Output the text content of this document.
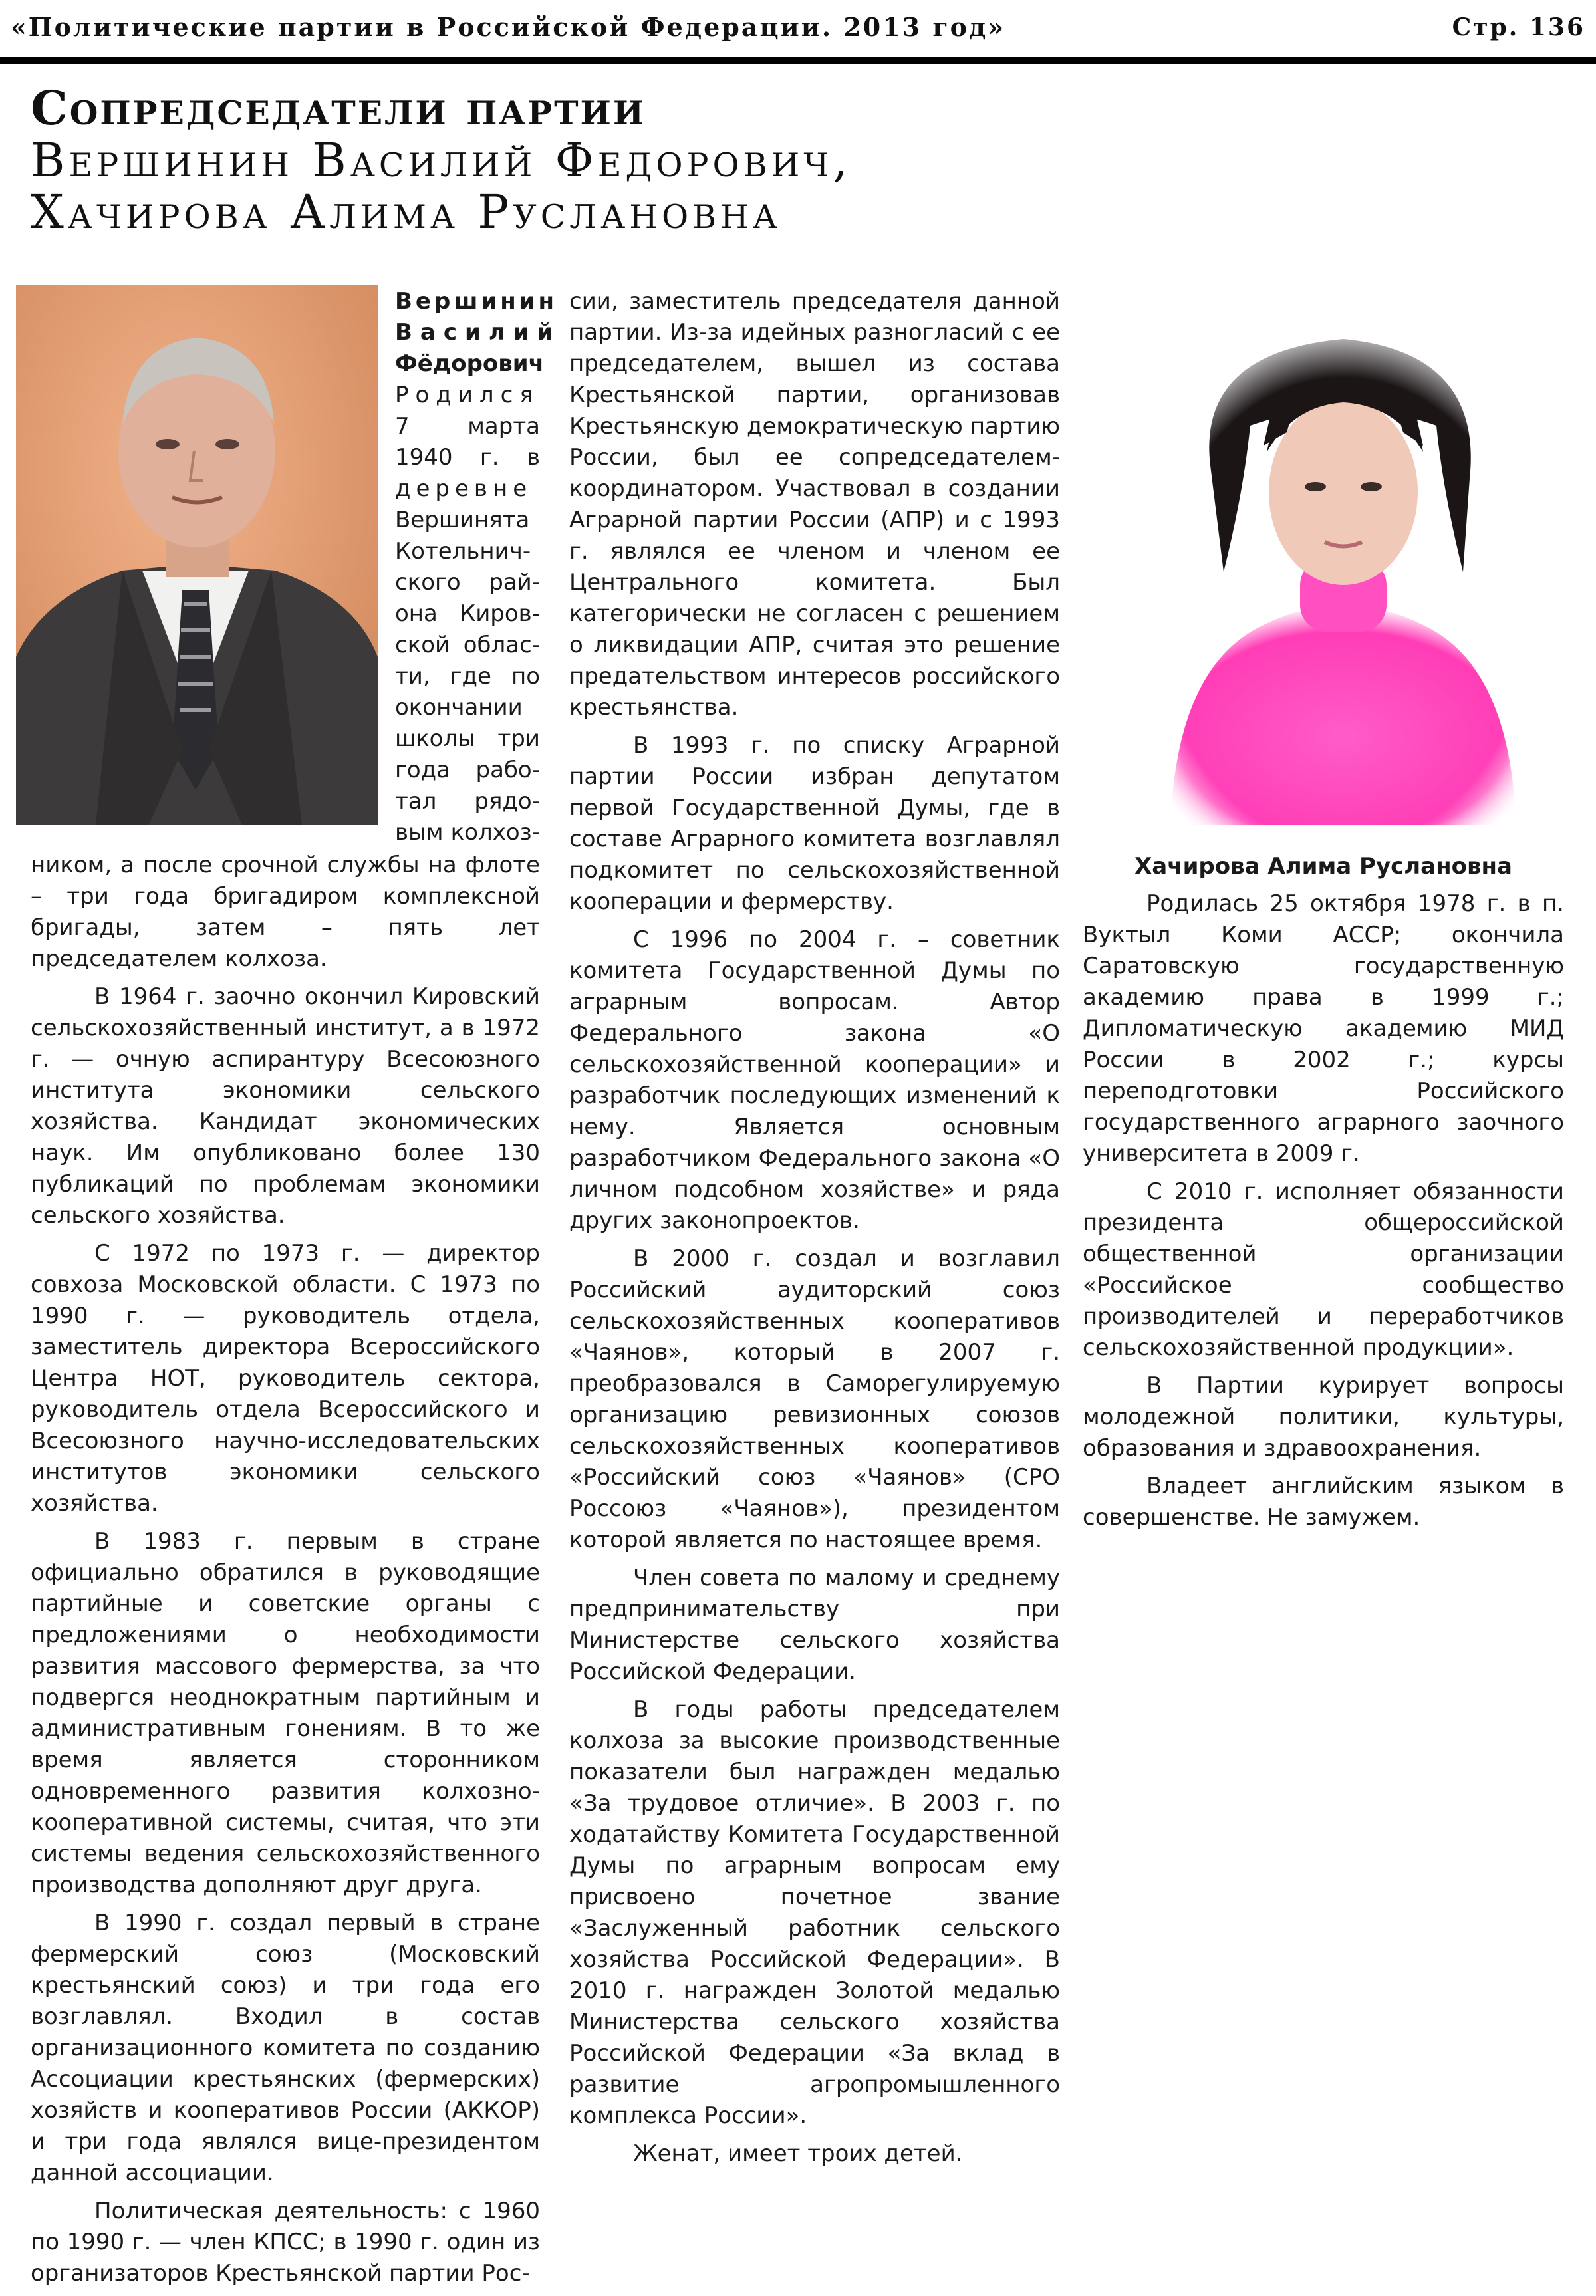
«Политические партии в Российской Федерации. 2013 год»	Стр. 136
Сопредседатели партии
Вершинин Василий Федорович,
Хачирова Алима Руслановна
Вершинин
Василий
Фёдорович
Родился
7 марта
1940 г. в
деревне
Вершинята
Котельнич-
ского рай-
она Киров-
ской облас-
ти, где по
окончании
школы три
года рабо-
тал рядо-
вым колхоз-

ником, а после срочной службы на флоте – три года бригадиром комплексной бригады, затем – пять лет председателем колхоза.

В 1964 г. заочно окончил Кировский сельскохозяйственный институт, а в 1972 г. — очную аспирантуру Всесоюзного института экономики сельского хозяйства. Кандидат экономических наук. Им опубликовано более 130 публикаций по проблемам экономики сельского хозяйства.

С 1972 по 1973 г. — директор совхоза Московской области. С 1973 по 1990 г. — руководитель отдела, заместитель директора Всероссийского Центра НОТ, руководитель сектора, руководитель отдела Всероссийского и Всесоюзного научно-исследовательских институтов экономики сельского хозяйства.

В 1983 г. первым в стране официально обратился в руководящие партийные и советские органы с предложениями о необходимости развития массового фермерства, за что подвергся неоднократным партийным и административным гонениям. В то же время является сторонником одновременного развития колхозно-кооперативной системы, считая, что эти системы ведения сельскохозяйственного производства дополняют друг друга.

В 1990 г. создал первый в стране фермерский союз (Московский крестьянский союз) и три года его возглавлял. Входил в состав организационного комитета по созданию Ассоциации крестьянских (фермерских) хозяйств и кооперативов России (АККОР) и три года являлся вице-президентом данной ассоциации.

Политическая деятельность: с 1960 по 1990 г. — член КПСС; в 1990 г. один из организаторов Крестьянской партии Рос-

сии, заместитель председателя данной партии. Из-за идейных разногласий с ее председателем, вышел из состава Крестьянской партии, организовав Крестьянскую демократическую партию России, был ее сопредседателем-координатором. Участвовал в создании Аграрной партии России (АПР) и с 1993 г. являлся ее членом и членом ее Центрального комитета. Был категорически не согласен с решением о ликвидации АПР, считая это решение предательством интересов российского крестьянства.

В 1993 г. по списку Аграрной партии России избран депутатом первой Государственной Думы, где в составе Аграрного комитета возглавлял подкомитет по сельскохозяйственной кооперации и фермерству.

С 1996 по 2004 г. – советник комитета Государственной Думы по аграрным вопросам. Автор Федерального закона «О сельскохозяйственной кооперации» и разработчик последующих изменений к нему. Является основным разработчиком Федерального закона «О личном подсобном хозяйстве» и ряда других законопроектов.

В 2000 г. создал и возглавил Российский аудиторский союз сельскохозяйственных кооперативов «Чаянов», который в 2007 г. преобразовался в Саморегулируемую организацию ревизионных союзов сельскохозяйственных кооперативов «Российский союз «Чаянов» (СРО Россоюз «Чаянов»), президентом которой является по настоящее время.

Член совета по малому и среднему предпринимательству при Министерстве сельского хозяйства Российской Федерации.

В годы работы председателем колхоза за высокие производственные показатели был награжден медалью «За трудовое отличие». В 2003 г. по ходатайству Комитета Государственной Думы по аграрным вопросам ему присвоено почетное звание «Заслуженный работник сельского хозяйства Российской Федерации». В 2010 г. награжден Золотой медалью Министерства сельского хозяйства Российской Федерации «За вклад в развитие агропромышленного комплекса России».

Женат, имеет троих детей.

Хачирова Алима Руслановна

Родилась 25 октября 1978 г. в п. Вуктыл Коми АССР; окончила Саратовскую государственную академию права в 1999 г.; Дипломатическую академию МИД России в 2002 г.; курсы переподготовки Российского государственного аграрного заочного университета в 2009 г.

С 2010 г. исполняет обязанности президента общероссийской общественной организации «Российское сообщество производителей и переработчиков сельскохозяйственной продукции».

В Партии курирует вопросы молодежной политики, культуры, образования и здравоохранения.

Владеет английским языком в совершенстве. Не замужем.
